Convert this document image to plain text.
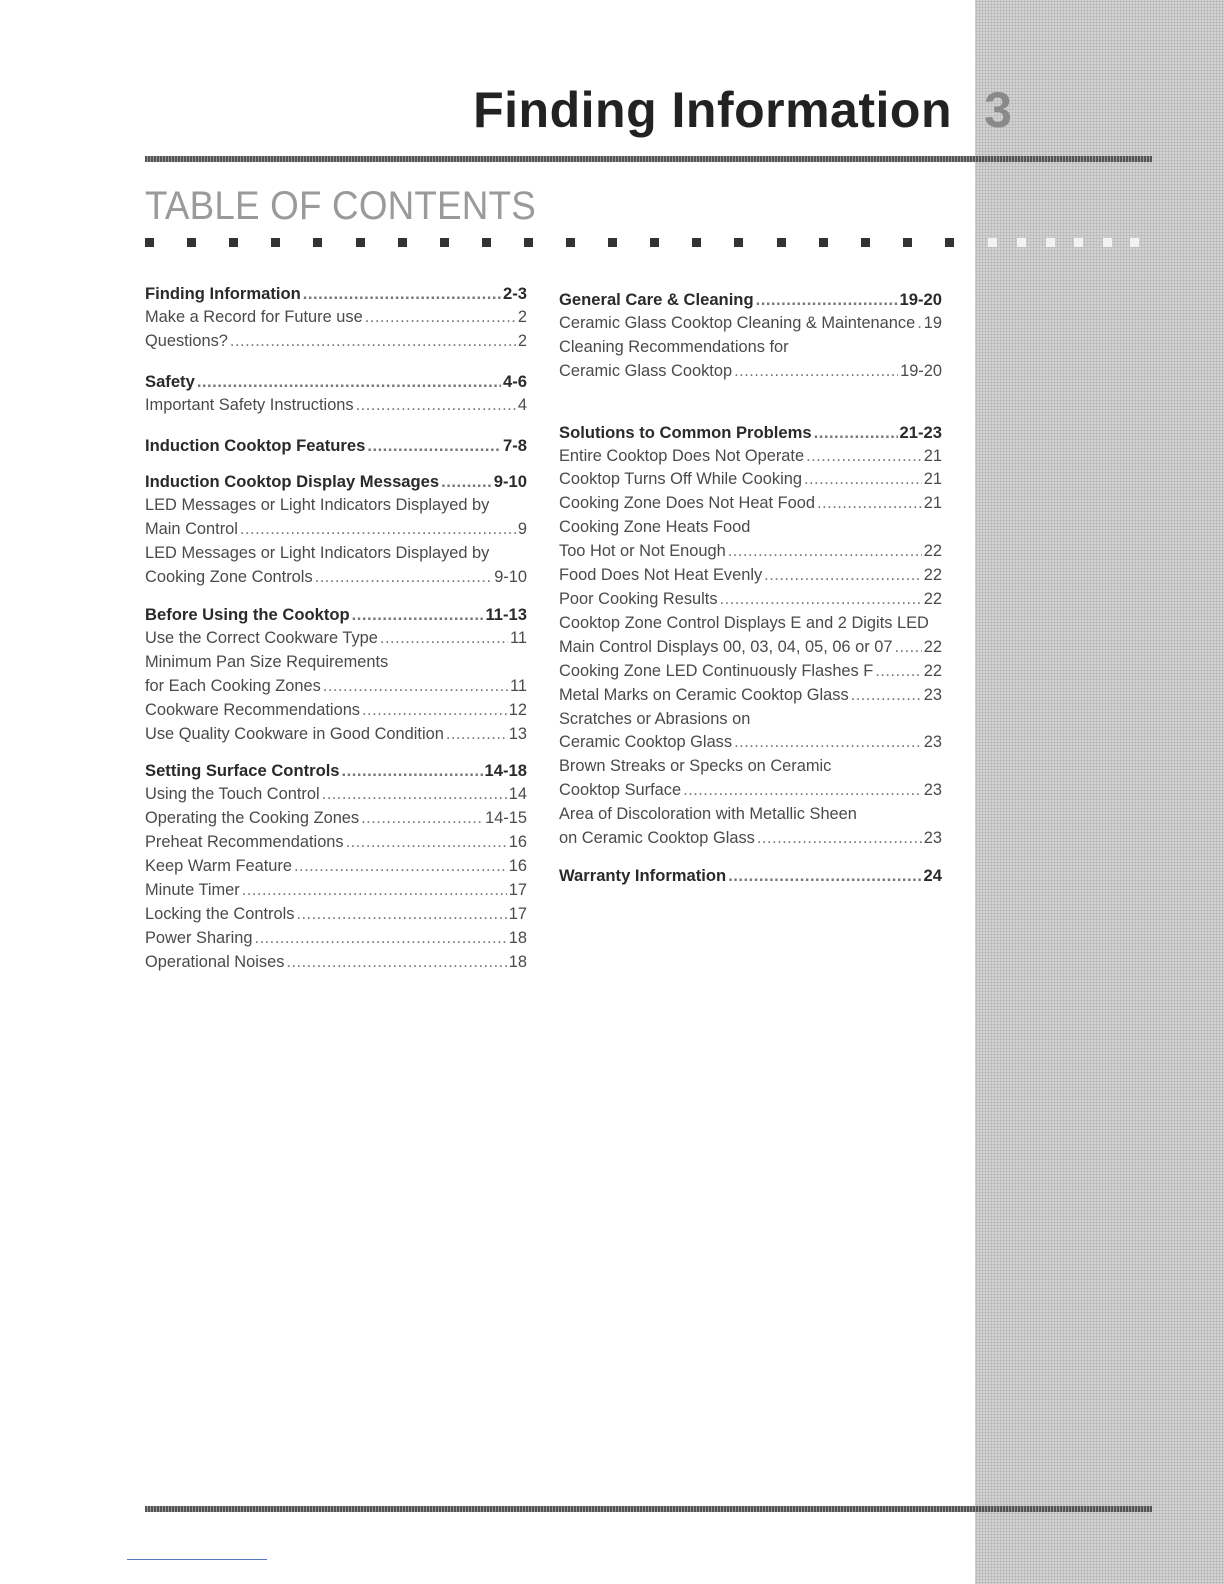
Finding Information 3
TABLE OF CONTENTS
Finding Information .....	2-3
Make a Record for Future use .....	2
Questions? .....	2
Safety .....	4-6
Important Safety Instructions .....	4
Induction Cooktop Features .....	7-8
Induction Cooktop Display Messages .....	9-10
LED Messages or Light Indicators Displayed by
Main Control .....	9
LED Messages or Light Indicators Displayed by
Cooking Zone Controls .....	9-10
Before Using the Cooktop .....	11-13
Use the Correct Cookware Type .....	11
Minimum Pan Size Requirements
for Each Cooking Zones .....	11
Cookware Recommendations .....	12
Use Quality Cookware in Good Condition .....	13
Setting Surface Controls .....	14-18
Using the Touch Control .....	14
Operating the Cooking Zones .....	14-15
Preheat Recommendations .....	16
Keep Warm Feature .....	16
Minute Timer .....	17
Locking the Controls .....	17
Power Sharing .....	18
Operational Noises .....	18
General Care & Cleaning .....	19-20
Ceramic Glass Cooktop Cleaning & Maintenance ..... 19
Cleaning Recommendations for
Ceramic Glass Cooktop .....	19-20
Solutions to Common Problems .....	21-23
Entire Cooktop Does Not Operate .....	21
Cooktop Turns Off While Cooking .....	21
Cooking Zone Does Not Heat Food .....	21
Cooking Zone Heats Food
Too Hot or Not Enough .....	22
Food Does Not Heat Evenly .....	22
Poor Cooking Results .....	22
Cooktop Zone Control Displays E and 2 Digits LED
Main Control Displays 00, 03, 04, 05, 06 or 07 ..... 22
Cooking Zone LED Continuously Flashes F .....	22
Metal Marks on Ceramic Cooktop Glass .....	23
Scratches or Abrasions on
Ceramic Cooktop Glass .....	23
Brown Streaks or Specks on Ceramic
Cooktop Surface .....	23
Area of Discoloration with Metallic Sheen
on Ceramic Cooktop Glass .....	23
Warranty Information .....	24
